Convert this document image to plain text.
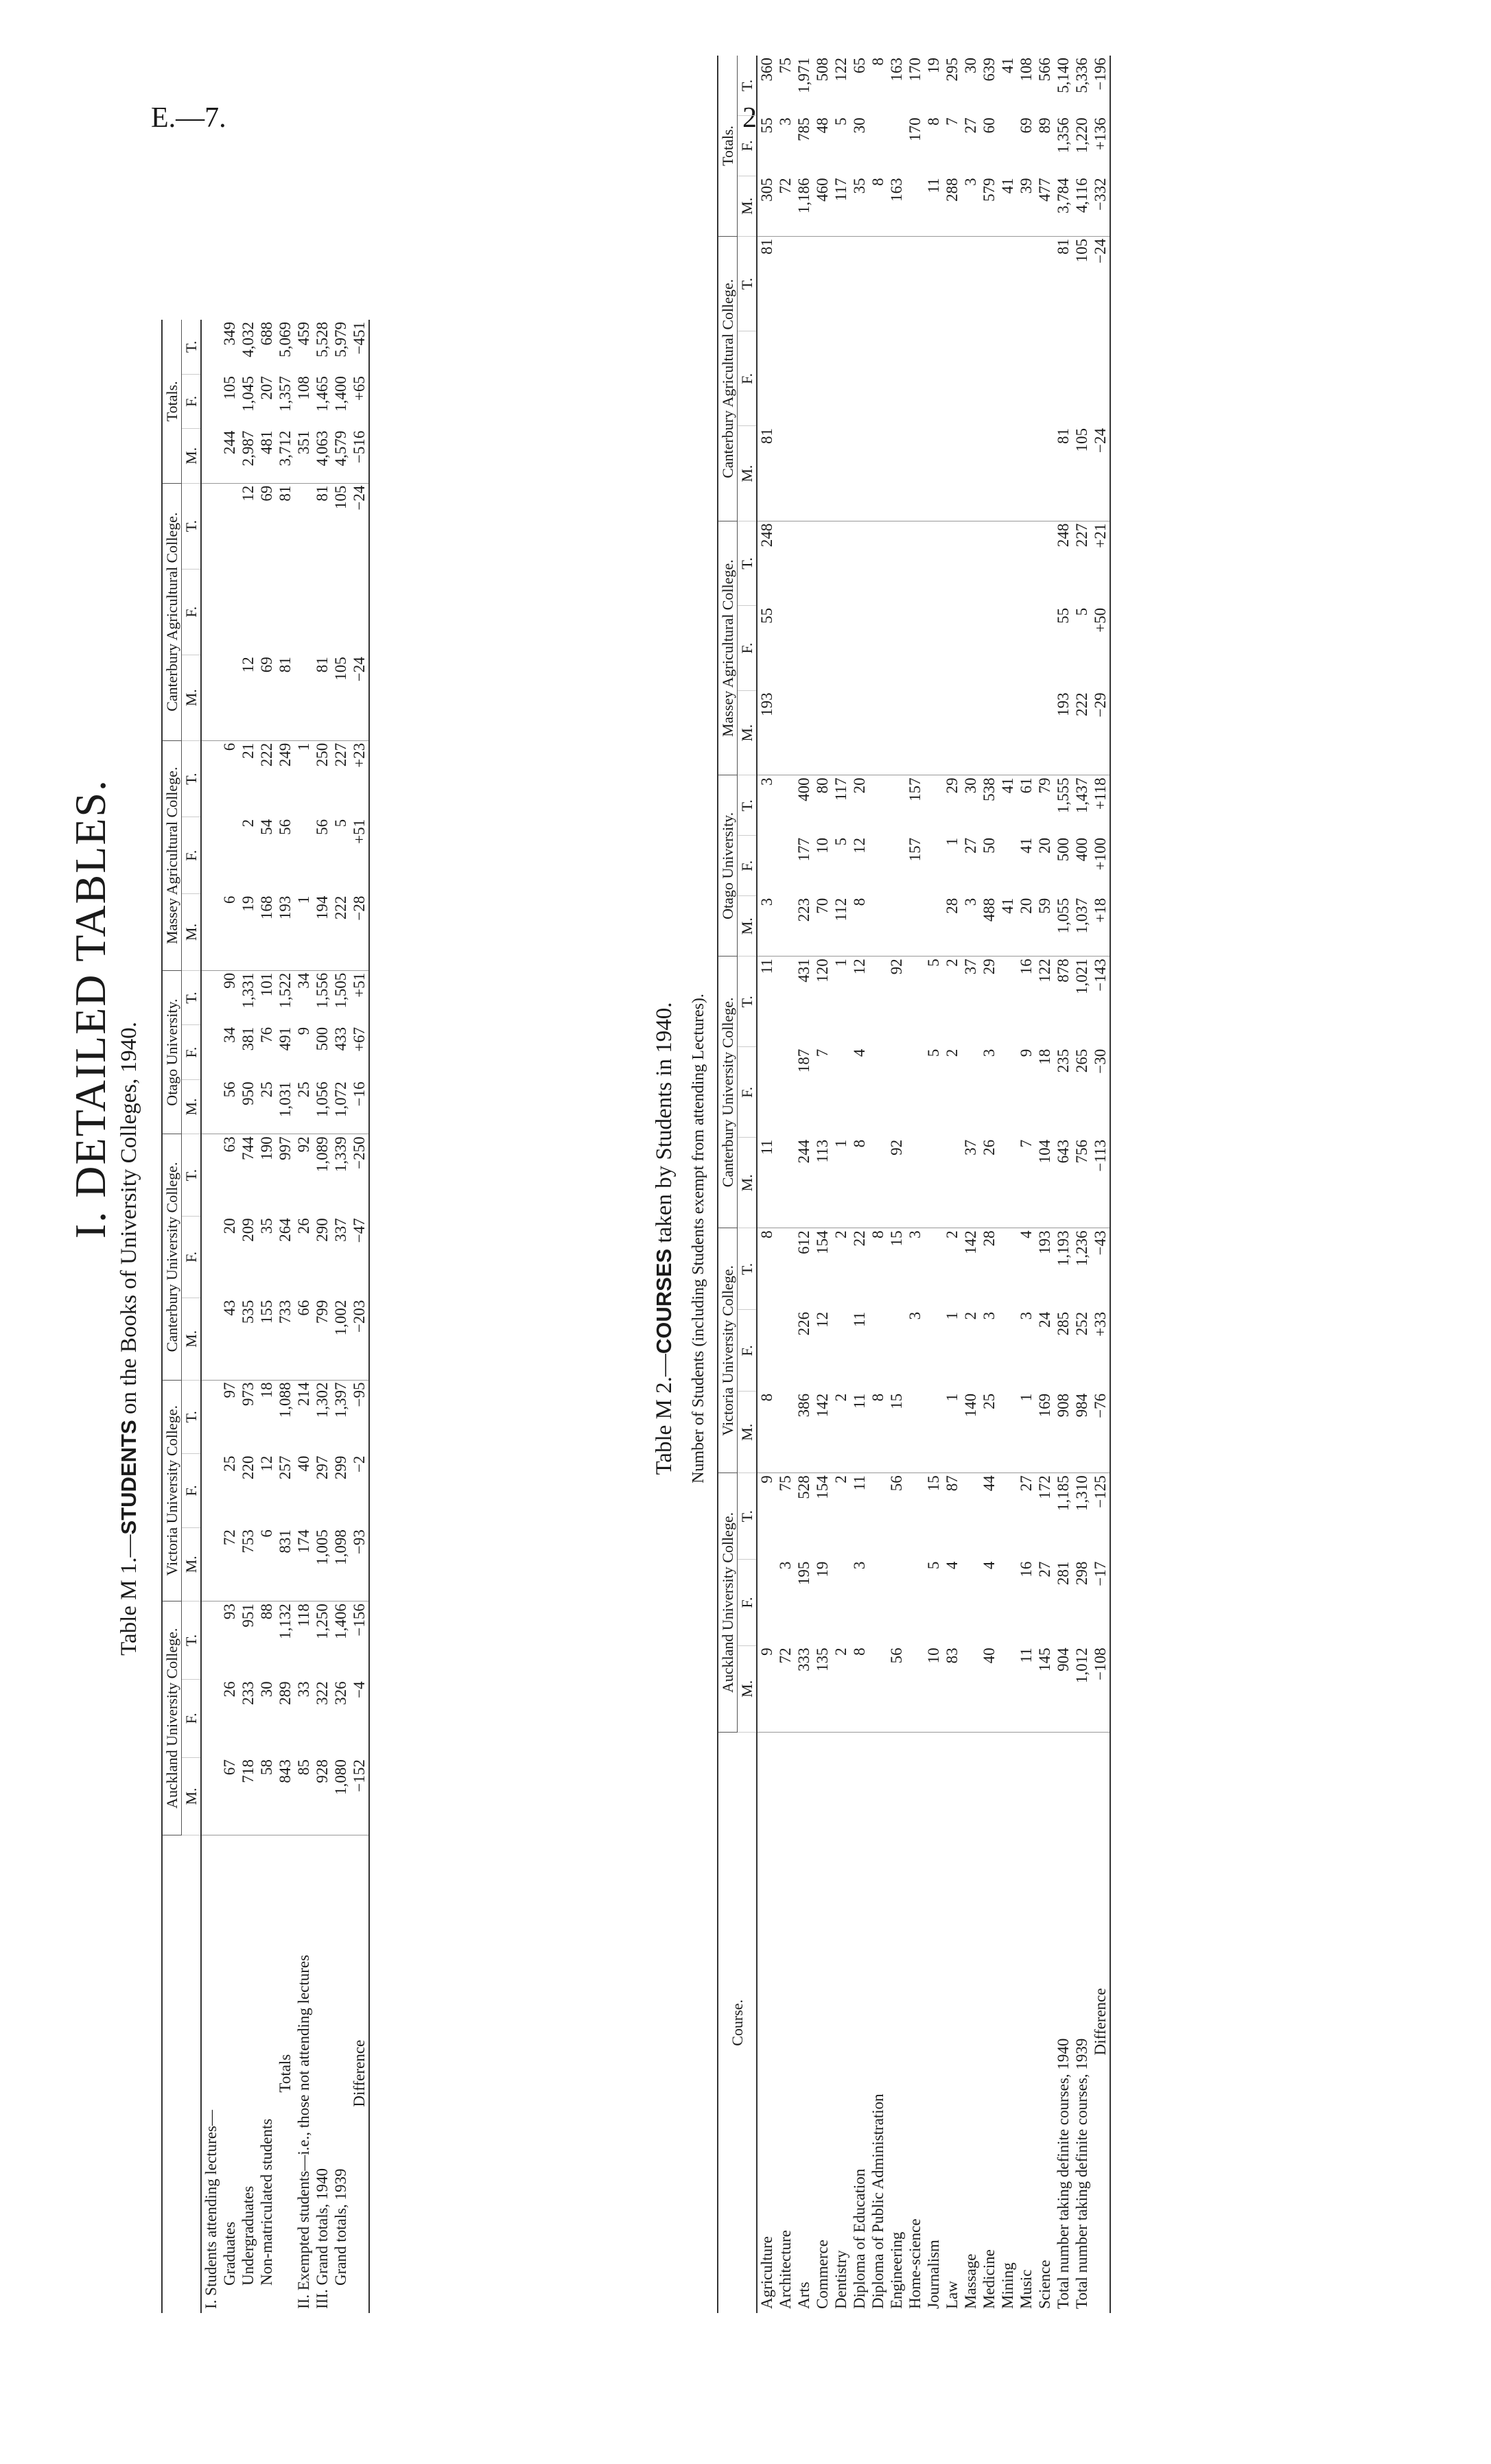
E.—7.	2
I. DETAILED TABLES.
Table M 1.—STUDENTS on the Books of University Colleges, 1940.
	Auckland University College.			Victoria University College.			Canterbury University College.			Otago University.			Massey Agricultural College.			Canterbury Agricultural College.			Totals.		
	M.	F.	T.	M.	F.	T.	M.	F.	T.	M.	F.	T.	M.	F.	T.	M.	F.	T.	M.	F.	T.
I. Students attending lectures—																					
Graduates	67	26	93	72	25	97	43	20	63	56	34	90	6		6				244	105	349
Undergraduates	718	233	951	753	220	973	535	209	744	950	381	1,331	19	2	21	12		12	2,987	1,045	4,032
Non-matriculated students	58	30	88	6	12	18	155	35	190	25	76	101	168	54	222	69		69	481	207	688
Totals	843	289	1,132	831	257	1,088	733	264	997	1,031	491	1,522	193	56	249	81		81	3,712	1,357	5,069
II. Exempted students—i.e., those not attending lectures	85	33	118	174	40	214	66	26	92	25	9	34	1		1				351	108	459
III. Grand totals, 1940	928	322	1,250	1,005	297	1,302	799	290	1,089	1,056	500	1,556	194	56	250	81		81	4,063	1,465	5,528
Grand totals, 1939	1,080	326	1,406	1,098	299	1,397	1,002	337	1,339	1,072	433	1,505	222	5	227	105		105	4,579	1,400	5,979
Difference	−152	−4	−156	−93	−2	−95	−203	−47	−250	−16	+67	+51	−28	+51	+23	−24		−24	−516	+65	−451
Table M 2.—COURSES taken by Students in 1940. Number of Students (including Students exempt from attending Lectures).
Course.	Auckland University College.			Victoria University College.			Canterbury University College.			Otago University.			Massey Agricultural College.			Canterbury Agricultural College.			Totals.		
	M.	F.	T.	M.	F.	T.	M.	F.	T.	M.	F.	T.	M.	F.	T.	M.	F.	T.	M.	F.	T.
Agriculture	9		9	8		8	11		11	3		3	193	55	248	81		81	305	55	360
Architecture	72	3	75																72	3	75
Arts	333	195	528	386	226	612	244	187	431	223	177	400							1,186	785	1,971
Commerce	135	19	154	142	12	154	113	7	120	70	10	80							460	48	508
Dentistry	2		2	2		2	1		1	112	5	117							117	5	122
Diploma of Education	8	3	11	11	11	22	8	4	12	8	12	20							35	30	65
Diploma of Public Administration				8		8													8		8
Engineering	56		56	15		15	92		92										163		163
Home-science					3	3					157	157								170	170
Journalism	10	5	15					5	5										11	8	19
Law	83	4	87	1	1	2		2	2	28	1	29							288	7	295
Massage				140	2	142	37		37	3	27	30							3	27	30
Medicine	40	4	44	25	3	28	26	3	29	488	50	538							579	60	639
Mining										41		41							41		41
Music	11	16	27	1	3	4	7	9	16	20	41	61							39	69	108
Science	145	27	172	169	24	193	104	18	122	59	20	79							477	89	566
Total number taking definite courses, 1940	904	281	1,185	908	285	1,193	643	235	878	1,055	500	1,555	193	55	248	81		81	3,784	1,356	5,140
Total number taking definite courses, 1939	1,012	298	1,310	984	252	1,236	756	265	1,021	1,037	400	1,437	222	5	227	105		105	4,116	1,220	5,336
Difference	−108	−17	−125	−76	+33	−43	−113	−30	−143	+18	+100	+118	−29	+50	+21	−24		−24	−332	+136	−196
